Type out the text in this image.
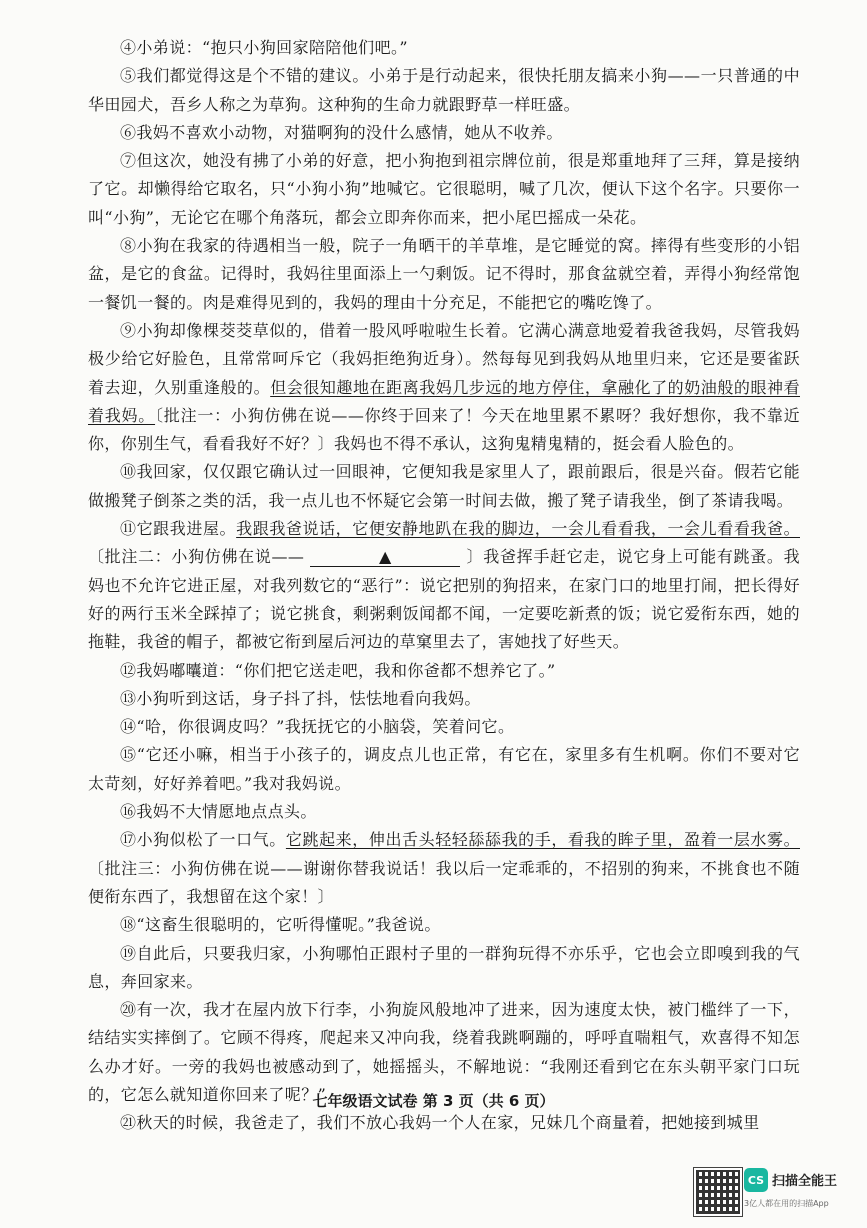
④小弟说：“抱只小狗回家陪陪他们吧。”

⑤我们都觉得这是个不错的建议。小弟于是行动起来，很快托朋友搞来小狗——一只普通的中华田园犬，吾乡人称之为草狗。这种狗的生命力就跟野草一样旺盛。

⑥我妈不喜欢小动物，对猫啊狗的没什么感情，她从不收养。

⑦但这次，她没有拂了小弟的好意，把小狗抱到祖宗牌位前，很是郑重地拜了三拜，算是接纳了它。却懒得给它取名，只“小狗小狗”地喊它。它很聪明，喊了几次，便认下这个名字。只要你一叫“小狗”，无论它在哪个角落玩，都会立即奔你而来，把小尾巴摇成一朵花。

⑧小狗在我家的待遇相当一般，院子一角晒干的羊草堆，是它睡觉的窝。摔得有些变形的小铝盆，是它的食盆。记得时，我妈往里面添上一勺剩饭。记不得时，那食盆就空着，弄得小狗经常饱一餐饥一餐的。肉是难得见到的，我妈的理由十分充足，不能把它的嘴吃馋了。

⑨小狗却像棵茭茭草似的，借着一股风呼啦啦生长着。它满心满意地爱着我爸我妈，尽管我妈极少给它好脸色，且常常呵斥它（我妈拒绝狗近身）。然每每见到我妈从地里归来，它还是要雀跃着去迎，久别重逢般的。但会很知趣地在距离我妈几步远的地方停住，拿融化了的奶油般的眼神看着我妈。〔批注一：小狗仿佛在说——你终于回来了！今天在地里累不累呀？我好想你，我不靠近你，你别生气，看看我好不好？〕我妈也不得不承认，这狗鬼精鬼精的，挺会看人脸色的。

⑩我回家，仅仅跟它确认过一回眼神，它便知我是家里人了，跟前跟后，很是兴奋。假若它能做搬凳子倒茶之类的活，我一点儿也不怀疑它会第一时间去做，搬了凳子请我坐，倒了茶请我喝。

⑪它跟我进屋。我跟我爸说话，它便安静地趴在我的脚边，一会儿看看我，一会儿看看我爸。〔批注二：小狗仿佛在说——	▲	〕我爸挥手赶它走，说它身上可能有跳蚤。我妈也不允许它进正屋，对我列数它的“恶行”：说它把别的狗招来，在家门口的地里打闹，把长得好好的两行玉米全踩掉了；说它挑食，剩粥剩饭闻都不闻，一定要吃新煮的饭；说它爱衔东西，她的拖鞋，我爸的帽子，都被它衔到屋后河边的草窠里去了，害她找了好些天。

⑫我妈嘟囔道：“你们把它送走吧，我和你爸都不想养它了。”

⑬小狗听到这话，身子抖了抖，怯怯地看向我妈。

⑭“哈，你很调皮吗？”我抚抚它的小脑袋，笑着问它。

⑮“它还小嘛，相当于小孩子的，调皮点儿也正常，有它在，家里多有生机啊。你们不要对它太苛刻，好好养着吧。”我对我妈说。

⑯我妈不大情愿地点点头。

⑰小狗似松了一口气。它跳起来，伸出舌头轻轻舔舔我的手，看我的眸子里，盈着一层水雾。〔批注三：小狗仿佛在说——谢谢你替我说话！我以后一定乖乖的，不招别的狗来，不挑食也不随便衔东西了，我想留在这个家！〕

⑱“这畜生很聪明的，它听得懂呢。”我爸说。

⑲自此后，只要我归家，小狗哪怕正跟村子里的一群狗玩得不亦乐乎，它也会立即嗅到我的气息，奔回家来。

⑳有一次，我才在屋内放下行李，小狗旋风般地冲了进来，因为速度太快，被门槛绊了一下，结结实实摔倒了。它顾不得疼，爬起来又冲向我，绕着我跳啊蹦的，呼呼直喘粗气，欢喜得不知怎么办才好。一旁的我妈也被感动到了，她摇摇头，不解地说：“我刚还看到它在东头朝平家门口玩的，它怎么就知道你回来了呢？”

㉑秋天的时候，我爸走了，我们不放心我妈一个人在家，兄妹几个商量着，把她接到城里

七年级语文试卷 第 3 页（共 6 页）
CS 扫描全能王
3亿人都在用的扫描App
